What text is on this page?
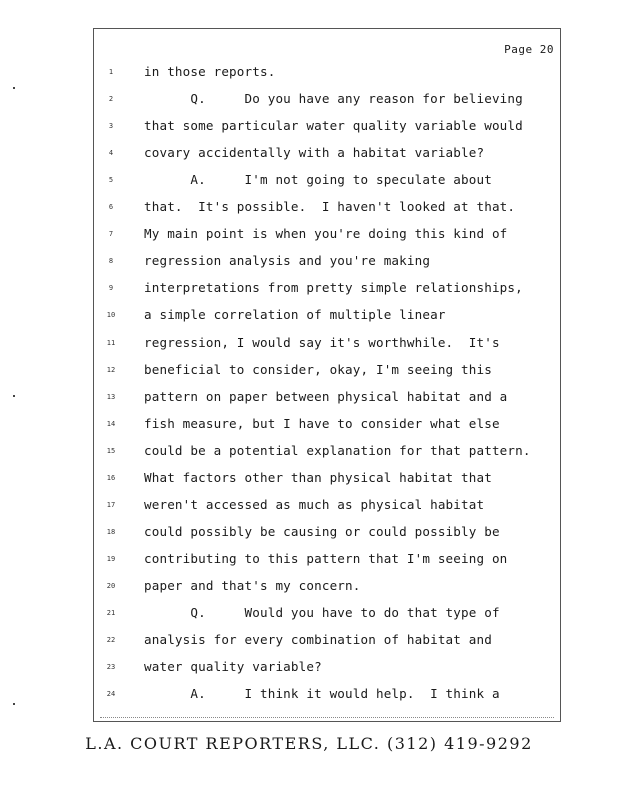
Page 20
1	in those reports.
2	Q.     Do you have any reason for believing
3	that some particular water quality variable would
4	covary accidentally with a habitat variable?
5	A.     I'm not going to speculate about
6	that.  It's possible.  I haven't looked at that.
7	My main point is when you're doing this kind of
8	regression analysis and you're making
9	interpretations from pretty simple relationships,
10	a simple correlation of multiple linear
11	regression, I would say it's worthwhile.  It's
12	beneficial to consider, okay, I'm seeing this
13	pattern on paper between physical habitat and a
14	fish measure, but I have to consider what else
15	could be a potential explanation for that pattern.
16	What factors other than physical habitat that
17	weren't accessed as much as physical habitat
18	could possibly be causing or could possibly be
19	contributing to this pattern that I'm seeing on
20	paper and that's my concern.
21	Q.     Would you have to do that type of
22	analysis for every combination of habitat and
23	water quality variable?
24	A.     I think it would help.  I think a
L.A. COURT REPORTERS, LLC. (312) 419-9292
